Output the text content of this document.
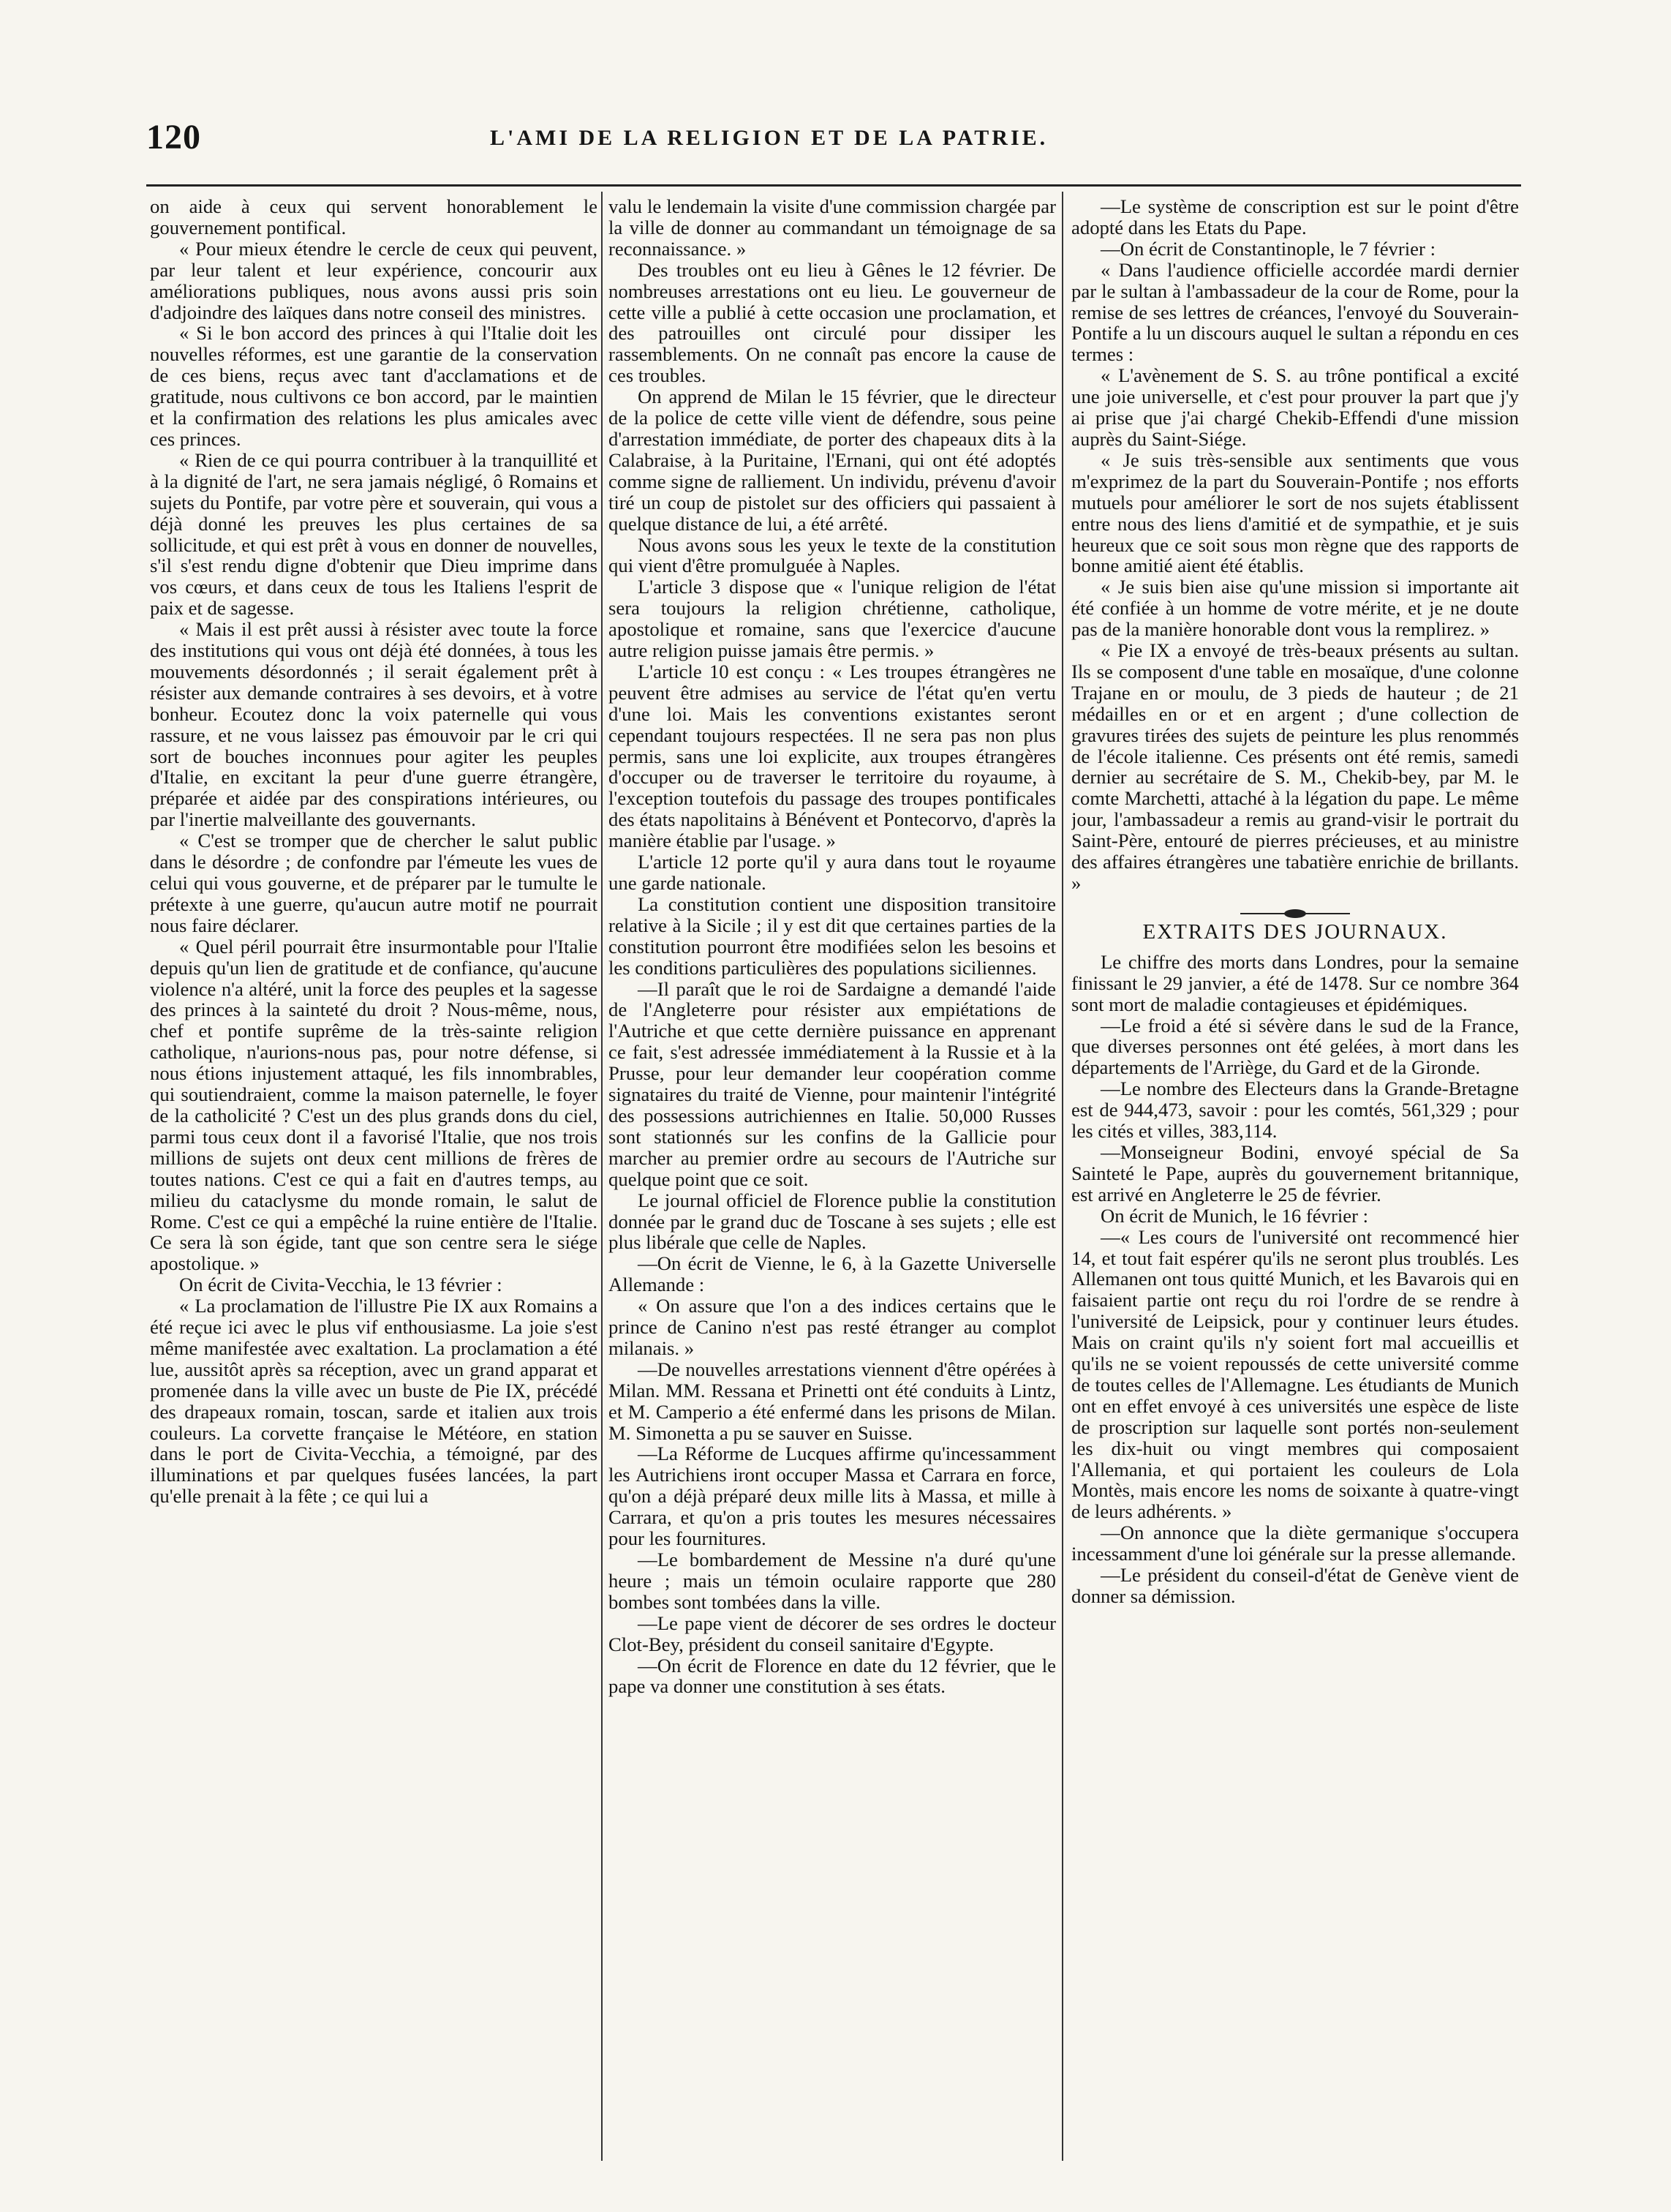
120	L'AMI DE LA RELIGION ET DE LA PATRIE.

on aide à ceux qui servent honorablement le gouvernement pontifical.

« Pour mieux étendre le cercle de ceux qui peuvent, par leur talent et leur expérience, concourir aux améliorations publiques, nous avons aussi pris soin d'adjoindre des laïques dans notre conseil des ministres.

« Si le bon accord des princes à qui l'Italie doit les nouvelles réformes, est une garantie de la conservation de ces biens, reçus avec tant d'acclamations et de gratitude, nous cultivons ce bon accord, par le maintien et la confirmation des relations les plus amicales avec ces princes.

« Rien de ce qui pourra contribuer à la tranquillité et à la dignité de l'art, ne sera jamais négligé, ô Romains et sujets du Pontife, par votre père et souverain, qui vous a déjà donné les preuves les plus certaines de sa sollicitude, et qui est prêt à vous en donner de nouvelles, s'il s'est rendu digne d'obtenir que Dieu imprime dans vos cœurs, et dans ceux de tous les Italiens l'esprit de paix et de sagesse.

« Mais il est prêt aussi à résister avec toute la force des institutions qui vous ont déjà été données, à tous les mouvements désordonnés ; il serait également prêt à résister aux demande contraires à ses devoirs, et à votre bonheur. Ecoutez donc la voix paternelle qui vous rassure, et ne vous laissez pas émouvoir par le cri qui sort de bouches inconnues pour agiter les peuples d'Italie, en excitant la peur d'une guerre étrangère, préparée et aidée par des conspirations intérieures, ou par l'inertie malveillante des gouvernants.

« C'est se tromper que de chercher le salut public dans le désordre ; de confondre par l'émeute les vues de celui qui vous gouverne, et de préparer par le tumulte le prétexte à une guerre, qu'aucun autre motif ne pourrait nous faire déclarer.

« Quel péril pourrait être insurmontable pour l'Italie depuis qu'un lien de gratitude et de confiance, qu'aucune violence n'a altéré, unit la force des peuples et la sagesse des princes à la sainteté du droit ? Nous-même, nous, chef et pontife suprême de la très-sainte religion catholique, n'aurions-nous pas, pour notre défense, si nous étions injustement attaqué, les fils innombrables, qui soutiendraient, comme la maison paternelle, le foyer de la catholicité ? C'est un des plus grands dons du ciel, parmi tous ceux dont il a favorisé l'Italie, que nos trois millions de sujets ont deux cent millions de frères de toutes nations. C'est ce qui a fait en d'autres temps, au milieu du cataclysme du monde romain, le salut de Rome. C'est ce qui a empêché la ruine entière de l'Italie. Ce sera là son égide, tant que son centre sera le siége apostolique. »

On écrit de Civita-Vecchia, le 13 février :

« La proclamation de l'illustre Pie IX aux Romains a été reçue ici avec le plus vif enthousiasme. La joie s'est même manifestée avec exaltation. La proclamation a été lue, aussitôt après sa réception, avec un grand apparat et promenée dans la ville avec un buste de Pie IX, précédé des drapeaux romain, toscan, sarde et italien aux trois couleurs. La corvette française le Météore, en station dans le port de Civita-Vecchia, a témoigné, par des illuminations et par quelques fusées lancées, la part qu'elle prenait à la fête ; ce qui lui a

valu le lendemain la visite d'une commission chargée par la ville de donner au commandant un témoignage de sa reconnaissance. »

Des troubles ont eu lieu à Gênes le 12 février. De nombreuses arrestations ont eu lieu. Le gouverneur de cette ville a publié à cette occasion une proclamation, et des patrouilles ont circulé pour dissiper les rassemblements. On ne connaît pas encore la cause de ces troubles.

On apprend de Milan le 15 février, que le directeur de la police de cette ville vient de défendre, sous peine d'arrestation immédiate, de porter des chapeaux dits à la Calabraise, à la Puritaine, l'Ernani, qui ont été adoptés comme signe de ralliement. Un individu, prévenu d'avoir tiré un coup de pistolet sur des officiers qui passaient à quelque distance de lui, a été arrêté.

Nous avons sous les yeux le texte de la constitution qui vient d'être promulguée à Naples.

L'article 3 dispose que « l'unique religion de l'état sera toujours la religion chrétienne, catholique, apostolique et romaine, sans que l'exercice d'aucune autre religion puisse jamais être permis. »

L'article 10 est conçu : « Les troupes étrangères ne peuvent être admises au service de l'état qu'en vertu d'une loi. Mais les conventions existantes seront cependant toujours respectées. Il ne sera pas non plus permis, sans une loi explicite, aux troupes étrangères d'occuper ou de traverser le territoire du royaume, à l'exception toutefois du passage des troupes pontificales des états napolitains à Bénévent et Pontecorvo, d'après la manière établie par l'usage. »

L'article 12 porte qu'il y aura dans tout le royaume une garde nationale.

La constitution contient une disposition transitoire relative à la Sicile ; il y est dit que certaines parties de la constitution pourront être modifiées selon les besoins et les conditions particulières des populations siciliennes.

—Il paraît que le roi de Sardaigne a demandé l'aide de l'Angleterre pour résister aux empiétations de l'Autriche et que cette dernière puissance en apprenant ce fait, s'est adressée immédiatement à la Russie et à la Prusse, pour leur demander leur coopération comme signataires du traité de Vienne, pour maintenir l'intégrité des possessions autrichiennes en Italie. 50,000 Russes sont stationnés sur les confins de la Gallicie pour marcher au premier ordre au secours de l'Autriche sur quelque point que ce soit.

Le journal officiel de Florence publie la constitution donnée par le grand duc de Toscane à ses sujets ; elle est plus libérale que celle de Naples.

—On écrit de Vienne, le 6, à la Gazette Universelle Allemande :

« On assure que l'on a des indices certains que le prince de Canino n'est pas resté étranger au complot milanais. »

—De nouvelles arrestations viennent d'être opérées à Milan. MM. Ressana et Prinetti ont été conduits à Lintz, et M. Camperio a été enfermé dans les prisons de Milan. M. Simonetta a pu se sauver en Suisse.

—La Réforme de Lucques affirme qu'incessamment les Autrichiens iront occuper Massa et Carrara en force, qu'on a déjà préparé deux mille lits à Massa, et mille à Carrara, et qu'on a pris toutes les mesures nécessaires pour les fournitures.

—Le bombardement de Messine n'a duré qu'une heure ; mais un témoin oculaire rapporte que 280 bombes sont tombées dans la ville.

—Le pape vient de décorer de ses ordres le docteur Clot-Bey, président du conseil sanitaire d'Egypte.

—On écrit de Florence en date du 12 février, que le pape va donner une constitution à ses états.

—Le système de conscription est sur le point d'être adopté dans les Etats du Pape.

—On écrit de Constantinople, le 7 février :

« Dans l'audience officielle accordée mardi dernier par le sultan à l'ambassadeur de la cour de Rome, pour la remise de ses lettres de créances, l'envoyé du Souverain-Pontife a lu un discours auquel le sultan a répondu en ces termes :

« L'avènement de S. S. au trône pontifical a excité une joie universelle, et c'est pour prouver la part que j'y ai prise que j'ai chargé Chekib-Effendi d'une mission auprès du Saint-Siége.

« Je suis très-sensible aux sentiments que vous m'exprimez de la part du Souverain-Pontife ; nos efforts mutuels pour améliorer le sort de nos sujets établissent entre nous des liens d'amitié et de sympathie, et je suis heureux que ce soit sous mon règne que des rapports de bonne amitié aient été établis.

« Je suis bien aise qu'une mission si importante ait été confiée à un homme de votre mérite, et je ne doute pas de la manière honorable dont vous la remplirez. »

« Pie IX a envoyé de très-beaux présents au sultan. Ils se composent d'une table en mosaïque, d'une colonne Trajane en or moulu, de 3 pieds de hauteur ; de 21 médailles en or et en argent ; d'une collection de gravures tirées des sujets de peinture les plus renommés de l'école italienne. Ces présents ont été remis, samedi dernier au secrétaire de S. M., Chekib-bey, par M. le comte Marchetti, attaché à la légation du pape. Le même jour, l'ambassadeur a remis au grand-visir le portrait du Saint-Père, entouré de pierres précieuses, et au ministre des affaires étrangères une tabatière enrichie de brillants. »

EXTRAITS DES JOURNAUX.

Le chiffre des morts dans Londres, pour la semaine finissant le 29 janvier, a été de 1478. Sur ce nombre 364 sont mort de maladie contagieuses et épidémiques.

—Le froid a été si sévère dans le sud de la France, que diverses personnes ont été gelées, à mort dans les départements de l'Arriège, du Gard et de la Gironde.

—Le nombre des Electeurs dans la Grande-Bretagne est de 944,473, savoir : pour les comtés, 561,329 ; pour les cités et villes, 383,114.

—Monseigneur Bodini, envoyé spécial de Sa Sainteté le Pape, auprès du gouvernement britannique, est arrivé en Angleterre le 25 de février.

On écrit de Munich, le 16 février :

—« Les cours de l'université ont recommencé hier 14, et tout fait espérer qu'ils ne seront plus troublés. Les Allemanen ont tous quitté Munich, et les Bavarois qui en faisaient partie ont reçu du roi l'ordre de se rendre à l'université de Leipsick, pour y continuer leurs études. Mais on craint qu'ils n'y soient fort mal accueillis et qu'ils ne se voient repoussés de cette université comme de toutes celles de l'Allemagne. Les étudiants de Munich ont en effet envoyé à ces universités une espèce de liste de proscription sur laquelle sont portés non-seulement les dix-huit ou vingt membres qui composaient l'Allemania, et qui portaient les couleurs de Lola Montès, mais encore les noms de soixante à quatre-vingt de leurs adhérents. »

—On annonce que la diète germanique s'occupera incessamment d'une loi générale sur la presse allemande.

—Le président du conseil-d'état de Genève vient de donner sa démission.
